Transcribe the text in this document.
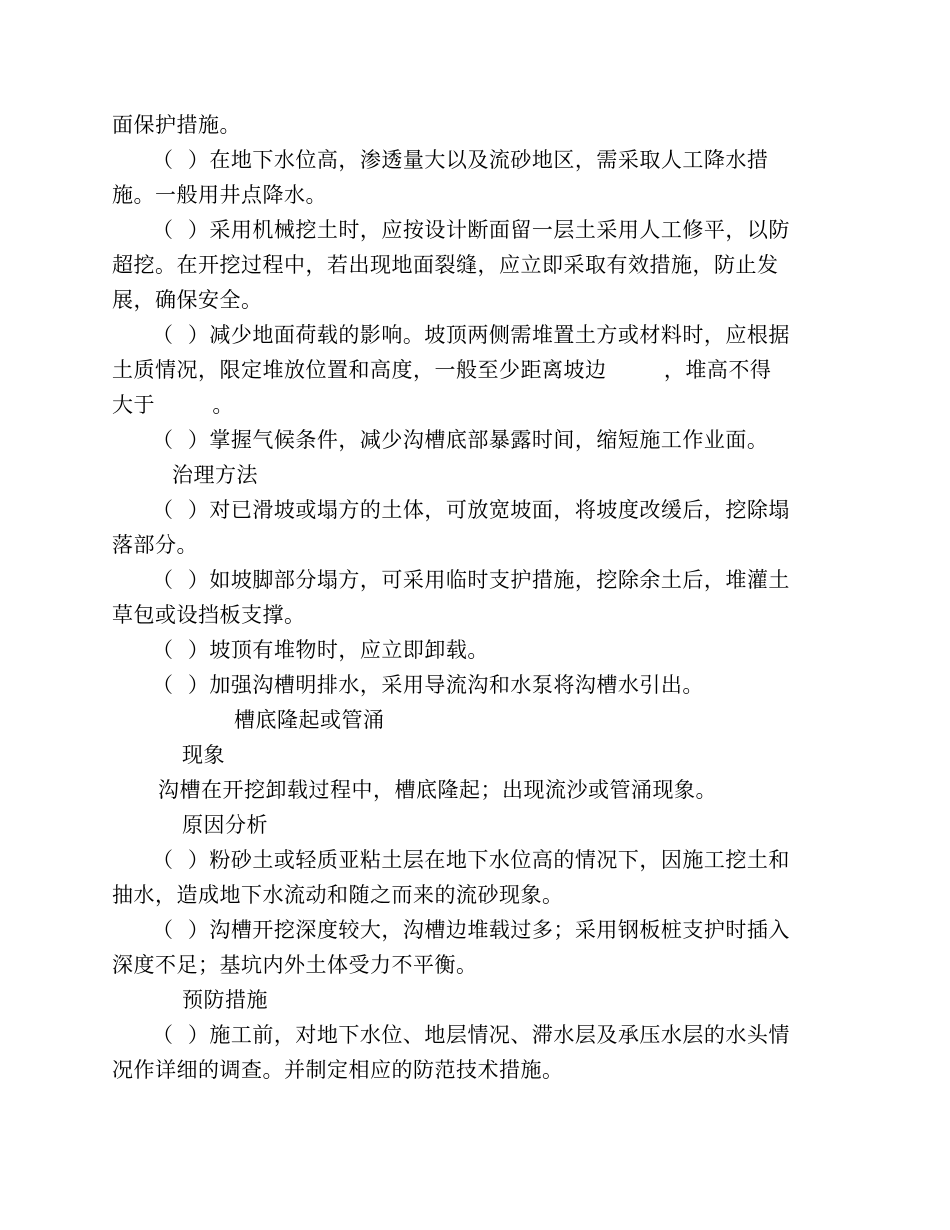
面保护措施。
（  ）在地下水位高，渗透量大以及流砂地区，需采取人工降水措
施。一般用井点降水。
（  ）采用机械挖土时，应按设计断面留一层土采用人工修平，以防
超挖。在开挖过程中，若出现地面裂缝，应立即采取有效措施，防止发
展，确保安全。
（  ）减少地面荷载的影响。坡顶两侧需堆置土方或材料时，应根据
土质情况，限定堆放位置和高度，一般至少距离坡边        ，堆高不得
大于        。
（  ）掌握气候条件，减少沟槽底部暴露时间，缩短施工作业面。
治理方法
（  ）对已滑坡或塌方的土体，可放宽坡面，将坡度改缓后，挖除塌
落部分。
（  ）如坡脚部分塌方，可采用临时支护措施，挖除余土后，堆灌土
草包或设挡板支撑。
（  ）坡顶有堆物时，应立即卸载。
（  ）加强沟槽明排水，采用导流沟和水泵将沟槽水引出。
槽底隆起或管涌
现象
沟槽在开挖卸载过程中，槽底隆起；出现流沙或管涌现象。
原因分析
（  ）粉砂土或轻质亚粘土层在地下水位高的情况下，因施工挖土和
抽水，造成地下水流动和随之而来的流砂现象。
（  ）沟槽开挖深度较大，沟槽边堆载过多；采用钢板桩支护时插入
深度不足；基坑内外土体受力不平衡。
预防措施
（  ）施工前，对地下水位、地层情况、滞水层及承压水层的水头情
况作详细的调查。并制定相应的防范技术措施。
